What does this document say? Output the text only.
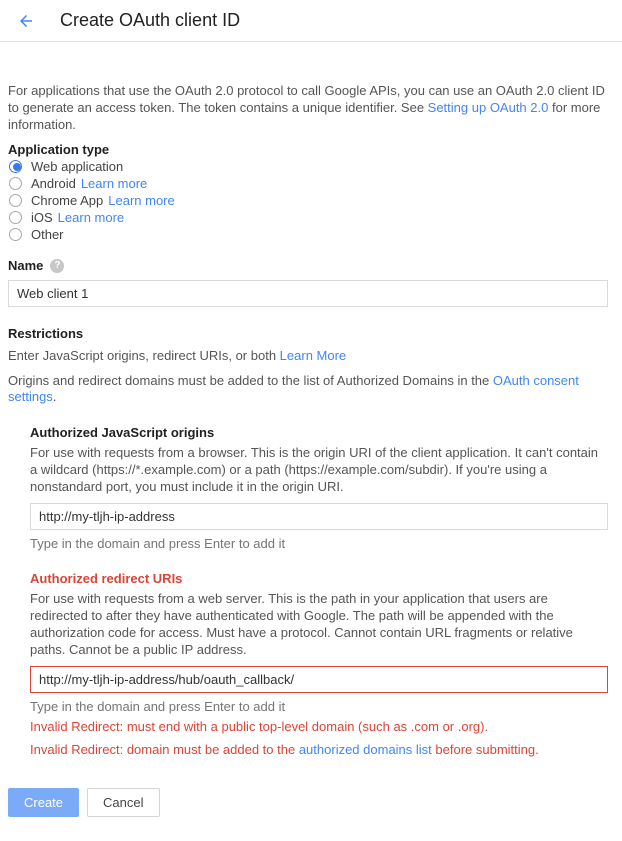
Create OAuth client ID

For applications that use the OAuth 2.0 protocol to call Google APIs, you can use an OAuth 2.0 client ID to generate an access token. The token contains a unique identifier. See Setting up OAuth 2.0 for more information.

Application type
Web application
Android Learn more
Chrome App Learn more
iOS Learn more
Other
Name	?
Web client 1
Restrictions

Enter JavaScript origins, redirect URIs, or both Learn More

Origins and redirect domains must be added to the list of Authorized Domains in the OAuth consent settings.

Authorized JavaScript origins

For use with requests from a browser. This is the origin URI of the client application. It can't contain a wildcard (https://*.example.com) or a path (https://example.com/subdir). If you're using a nonstandard port, you must include it in the origin URI.

http://my-tljh-ip-address
Type in the domain and press Enter to add it
Authorized redirect URIs

For use with requests from a web server. This is the path in your application that users are redirected to after they have authenticated with Google. The path will be appended with the authorization code for access. Must have a protocol. Cannot contain URL fragments or relative paths. Cannot be a public IP address.

http://my-tljh-ip-address/hub/oauth_callback/
Type in the domain and press Enter to add it
Invalid Redirect: must end with a public top-level domain (such as .com or .org).
Invalid Redirect: domain must be added to the authorized domains list before submitting.
Create	Cancel
